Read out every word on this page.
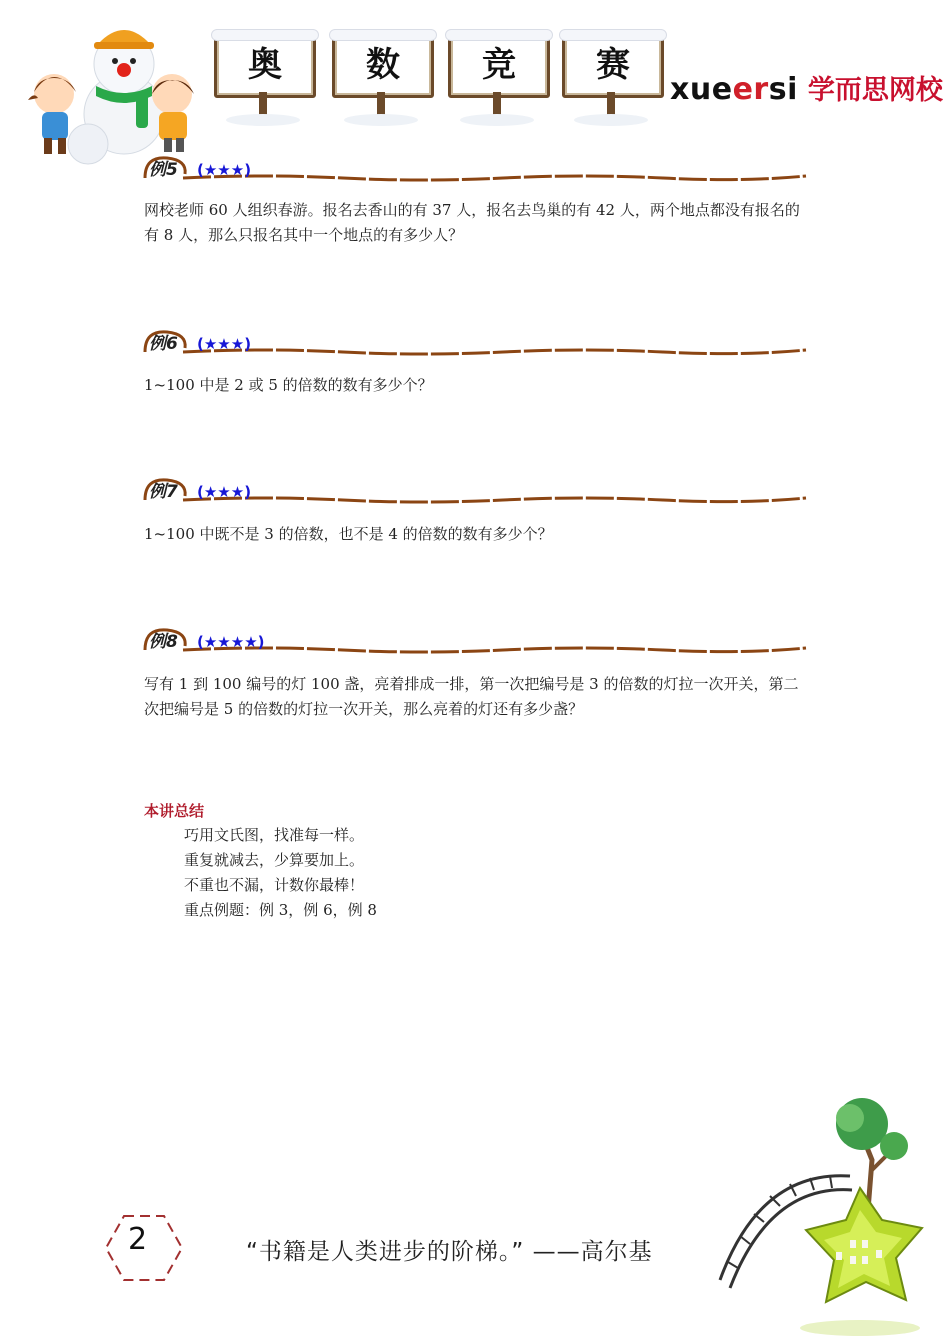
奥	数	竞	赛
xueersi 学而思网校
例5 (★★★)
网校老师 60 人组织春游。报名去香山的有 37 人，报名去鸟巢的有 42 人，两个地点都没有报名的有 8 人，那么只报名其中一个地点的有多少人？
例6 (★★★)
1~100 中是 2 或 5 的倍数的数有多少个？
例7 (★★★)
1~100 中既不是 3 的倍数，也不是 4 的倍数的数有多少个？
例8 (★★★★)
写有 1 到 100 编号的灯 100 盏，亮着排成一排，第一次把编号是 3 的倍数的灯拉一次开关，第二次把编号是 5 的倍数的灯拉一次开关，那么亮着的灯还有多少盏？
本讲总结
巧用文氏图，找准每一样。
重复就减去，少算要加上。
不重也不漏，计数你最棒！
重点例题：例 3，例 6，例 8
2	“书籍是人类进步的阶梯。” ——高尔基
